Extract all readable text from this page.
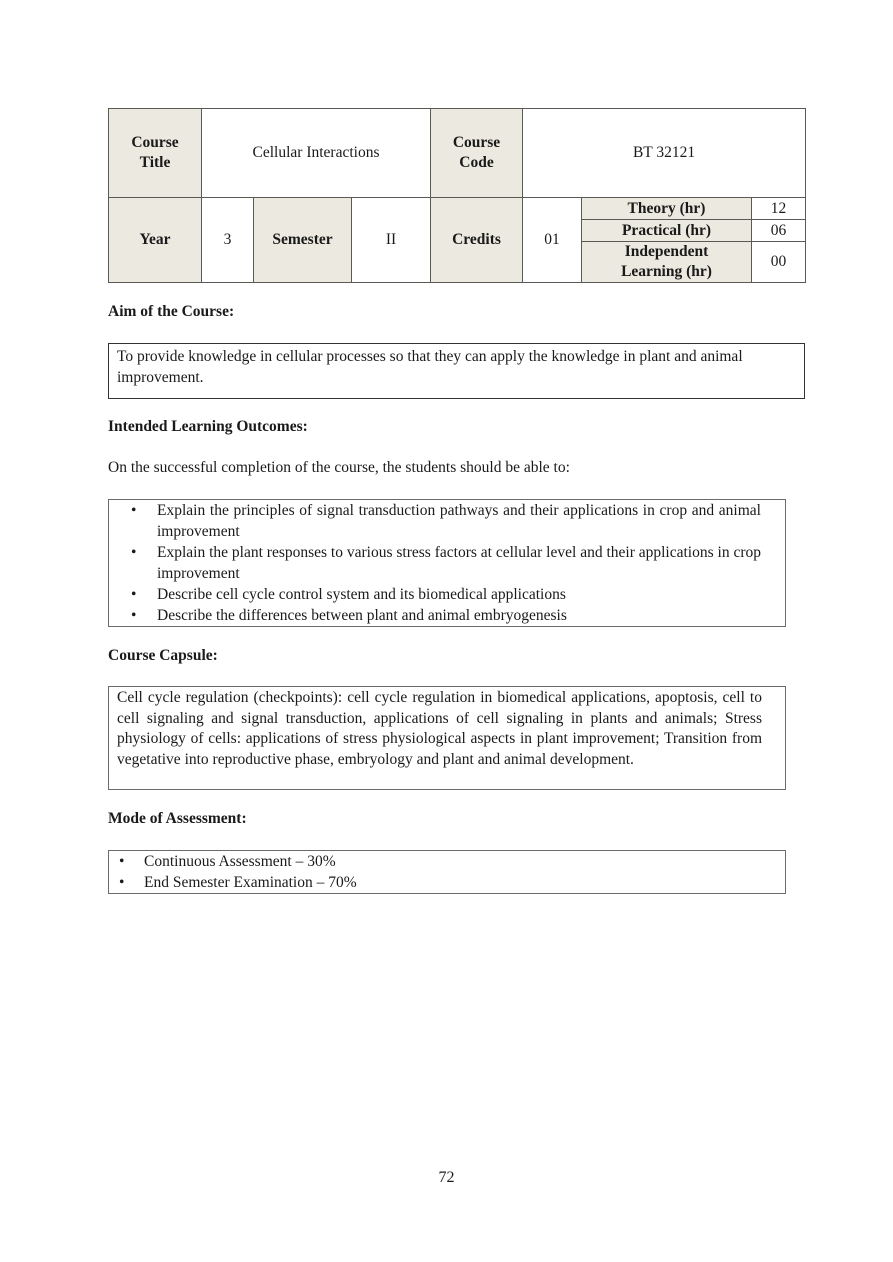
Course Title	Cellular Interactions			Course Code	BT 32121		
Year	3	Semester	II	Credits	01	Theory (hr)	12
						Practical (hr)	06
						Independent Learning (hr)	00
Aim of the Course:
To provide knowledge in cellular processes so that they can apply the knowledge in plant and animal improvement.
Intended Learning Outcomes:
On the successful completion of the course, the students should be able to:
• Explain the principles of signal transduction pathways and their applications in crop and animal improvement
• Explain the plant responses to various stress factors at cellular level and their applications in crop improvement
• Describe cell cycle control system and its biomedical applications
• Describe the differences between plant and animal embryogenesis
Course Capsule:
Cell cycle regulation (checkpoints): cell cycle regulation in biomedical applications, apoptosis, cell to cell signaling and signal transduction, applications of cell signaling in plants and animals; Stress physiology of cells: applications of stress physiological aspects in plant improvement; Transition from vegetative into reproductive phase, embryology and plant and animal development.
Mode of Assessment:
• Continuous Assessment – 30%
• End Semester Examination – 70%
72
